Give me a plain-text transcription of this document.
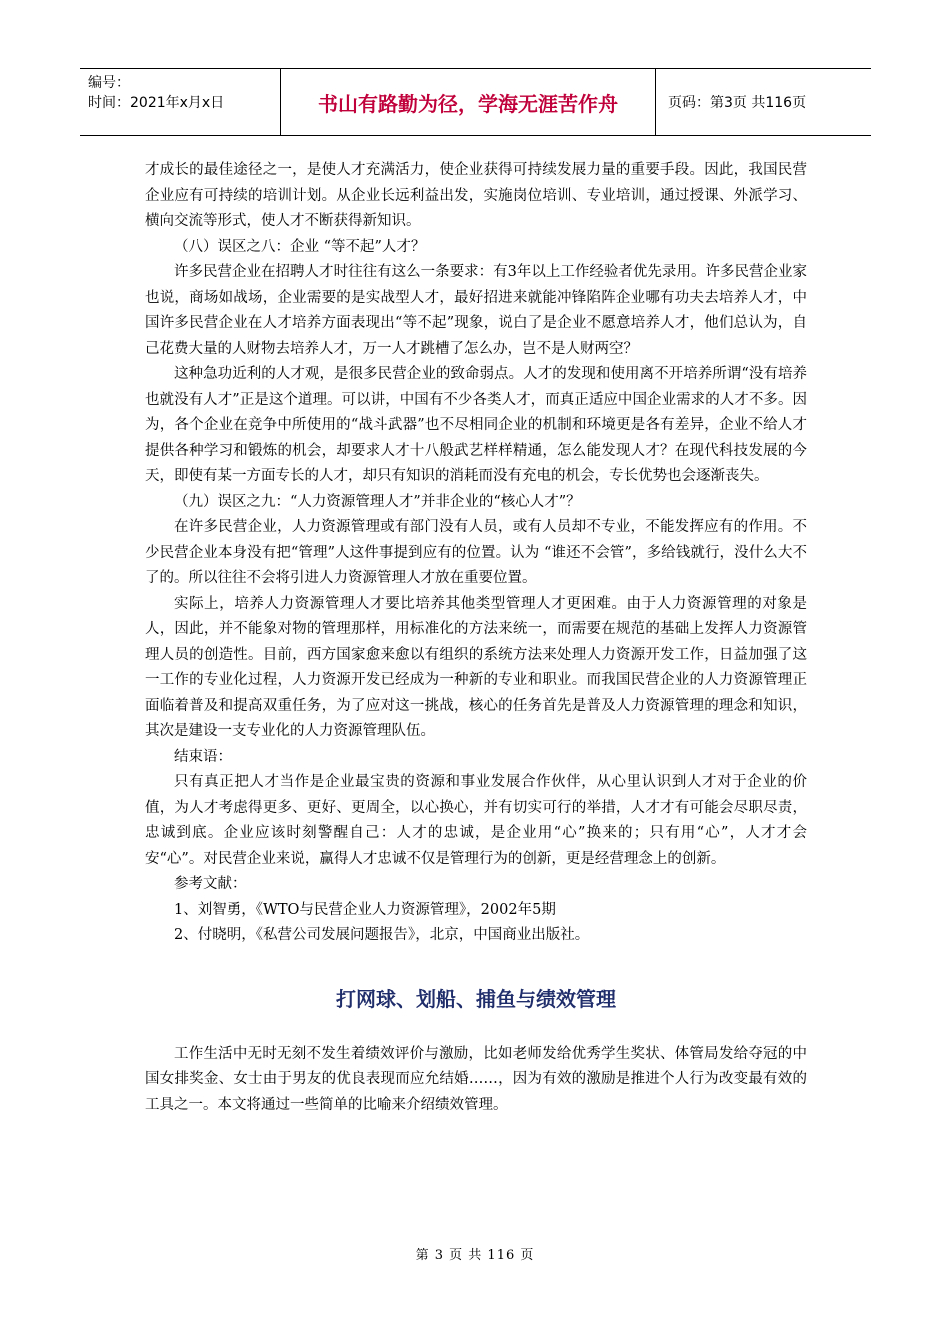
编号：
时间：2021年x月x日	书山有路勤为径，学海无涯苦作舟	页码：第3页 共116页

才成长的最佳途径之一，是使人才充满活力，使企业获得可持续发展力量的重要手段。因此，我国民营企业应有可持续的培训计划。从企业长远利益出发，实施岗位培训、专业培训，通过授课、外派学习、横向交流等形式，使人才不断获得新知识。

（八）误区之八：企业 “等不起”人才？

许多民营企业在招聘人才时往往有这么一条要求：有3年以上工作经验者优先录用。许多民营企业家也说，商场如战场，企业需要的是实战型人才，最好招进来就能冲锋陷阵企业哪有功夫去培养人才，中国许多民营企业在人才培养方面表现出“等不起”现象，说白了是企业不愿意培养人才，他们总认为，自己花费大量的人财物去培养人才，万一人才跳槽了怎么办，岂不是人财两空？

这种急功近利的人才观，是很多民营企业的致命弱点。人才的发现和使用离不开培养所谓“没有培养也就没有人才”正是这个道理。可以讲，中国有不少各类人才，而真正适应中国企业需求的人才不多。因为，各个企业在竞争中所使用的“战斗武器”也不尽相同企业的机制和环境更是各有差异，企业不给人才提供各种学习和锻炼的机会，却要求人才十八般武艺样样精通，怎么能发现人才？在现代科技发展的今天，即使有某一方面专长的人才，却只有知识的消耗而没有充电的机会，专长优势也会逐渐丧失。

（九）误区之九：“人力资源管理人才”并非企业的“核心人才”？

在许多民营企业，人力资源管理或有部门没有人员，或有人员却不专业，不能发挥应有的作用。不少民营企业本身没有把“管理”人这件事提到应有的位置。认为 “谁还不会管”，多给钱就行，没什么大不了的。所以往往不会将引进人力资源管理人才放在重要位置。

实际上，培养人力资源管理人才要比培养其他类型管理人才更困难。由于人力资源管理的对象是人，因此，并不能象对物的管理那样，用标准化的方法来统一，而需要在规范的基础上发挥人力资源管理人员的创造性。目前，西方国家愈来愈以有组织的系统方法来处理人力资源开发工作，日益加强了这一工作的专业化过程，人力资源开发已经成为一种新的专业和职业。而我国民营企业的人力资源管理正面临着普及和提高双重任务，为了应对这一挑战，核心的任务首先是普及人力资源管理的理念和知识，其次是建设一支专业化的人力资源管理队伍。

结束语：

只有真正把人才当作是企业最宝贵的资源和事业发展合作伙伴，从心里认识到人才对于企业的价值，为人才考虑得更多、更好、更周全，以心换心，并有切实可行的举措，人才才有可能会尽职尽责，忠诚到底。企业应该时刻警醒自己：人才的忠诚，是企业用“心”换来的；只有用“心”，人才才会安“心”。对民营企业来说，赢得人才忠诚不仅是管理行为的创新，更是经营理念上的创新。

参考文献：

1、刘智勇，《WTO与民营企业人力资源管理》，2002年5期

2、付晓明，《私营公司发展问题报告》，北京，中国商业出版社。

打网球、划船、捕鱼与绩效管理

工作生活中无时无刻不发生着绩效评价与激励，比如老师发给优秀学生奖状、体管局发给夺冠的中国女排奖金、女士由于男友的优良表现而应允结婚……，因为有效的激励是推进个人行为改变最有效的工具之一。本文将通过一些简单的比喻来介绍绩效管理。

第 3 页 共 116 页
